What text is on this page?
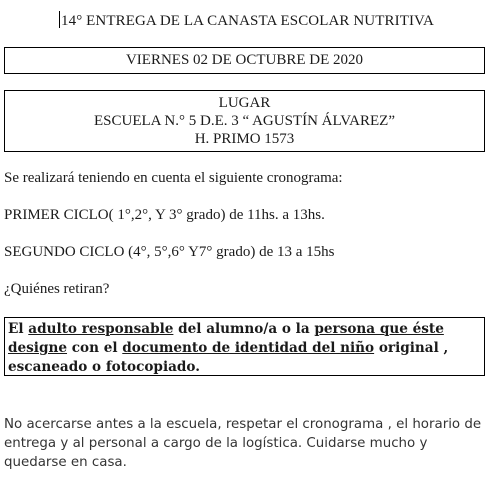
14° ENTREGA DE LA CANASTA ESCOLAR NUTRITIVA
VIERNES 02 DE OCTUBRE DE 2020
LUGAR
ESCUELA N.° 5 D.E. 3 “ AGUSTÍN ÁLVAREZ”
H. PRIMO 1573
Se realizará teniendo en cuenta el siguiente cronograma:
PRIMER CICLO( 1°,2°, Y 3° grado) de 11hs. a 13hs.
SEGUNDO CICLO (4°, 5°,6° Y7° grado) de 13 a 15hs
¿Quiénes retiran?
El adulto responsable del alumno/a o la persona que éste designe con el documento de identidad del niño original , escaneado o fotocopiado.
No acercarse antes a la escuela, respetar el cronograma , el horario de entrega y al personal a cargo de la logística. Cuidarse mucho y quedarse en casa.
